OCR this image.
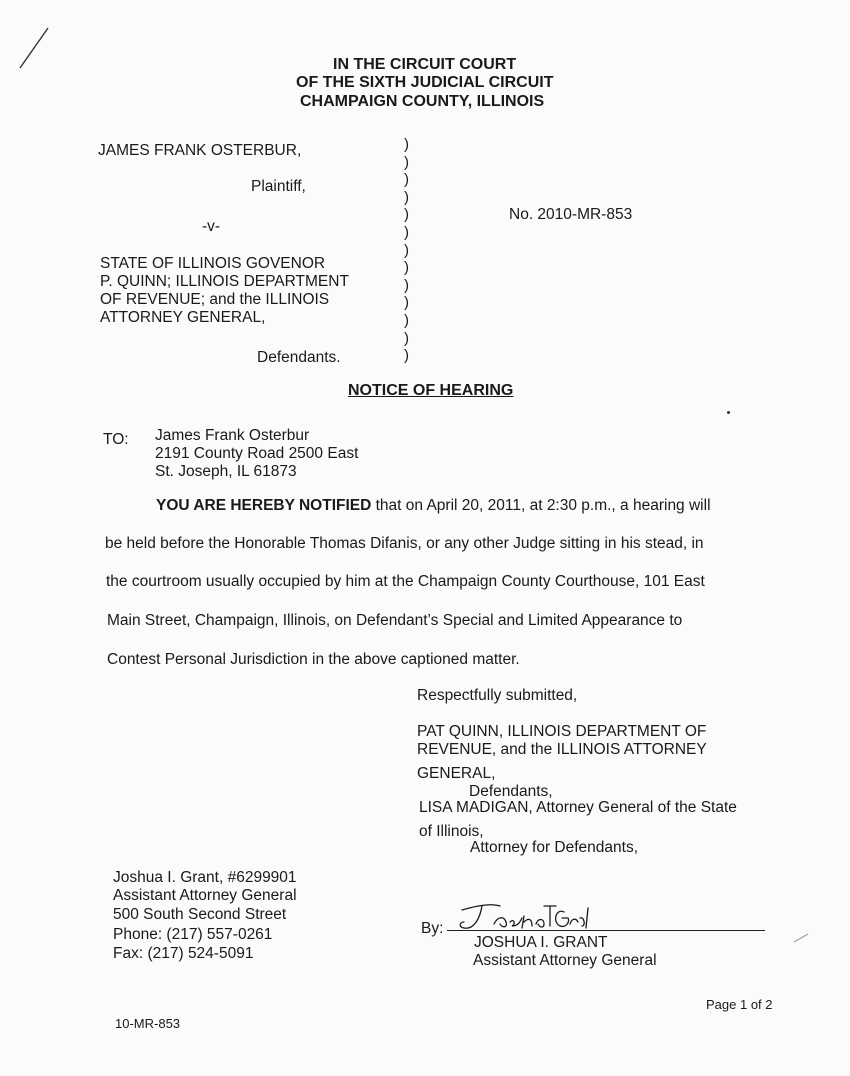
IN THE CIRCUIT COURT
OF THE SIXTH JUDICIAL CIRCUIT
CHAMPAIGN COUNTY, ILLINOIS
JAMES FRANK OSTERBUR,
Plaintiff,
-v-
STATE OF ILLINOIS GOVENOR
P. QUINN; ILLINOIS DEPARTMENT
OF REVENUE; and the ILLINOIS
ATTORNEY GENERAL,
Defendants.
No. 2010-MR-853
)
)
)
)
)
)
)
)
)
)
)
)
)
NOTICE OF HEARING
TO: James Frank Osterbur
2191 County Road 2500 East
St. Joseph, IL 61873
YOU ARE HEREBY NOTIFIED that on April 20, 2011, at 2:30 p.m., a hearing will
be held before the Honorable Thomas Difanis, or any other Judge sitting in his stead, in
the courtroom usually occupied by him at the Champaign County Courthouse, 101 East
Main Street, Champaign, Illinois, on Defendant’s Special and Limited Appearance to
Contest Personal Jurisdiction in the above captioned matter.
Respectfully submitted,
PAT QUINN, ILLINOIS DEPARTMENT OF
REVENUE, and the ILLINOIS ATTORNEY
GENERAL,
Defendants,
LISA MADIGAN, Attorney General of the State
of Illinois,
Attorney for Defendants,
By:
JOSHUA I. GRANT
Assistant Attorney General
Joshua I. Grant, #6299901
Assistant Attorney General
500 South Second Street
Phone: (217) 557-0261
Fax: (217) 524-5091
10-MR-853
Page 1 of 2
